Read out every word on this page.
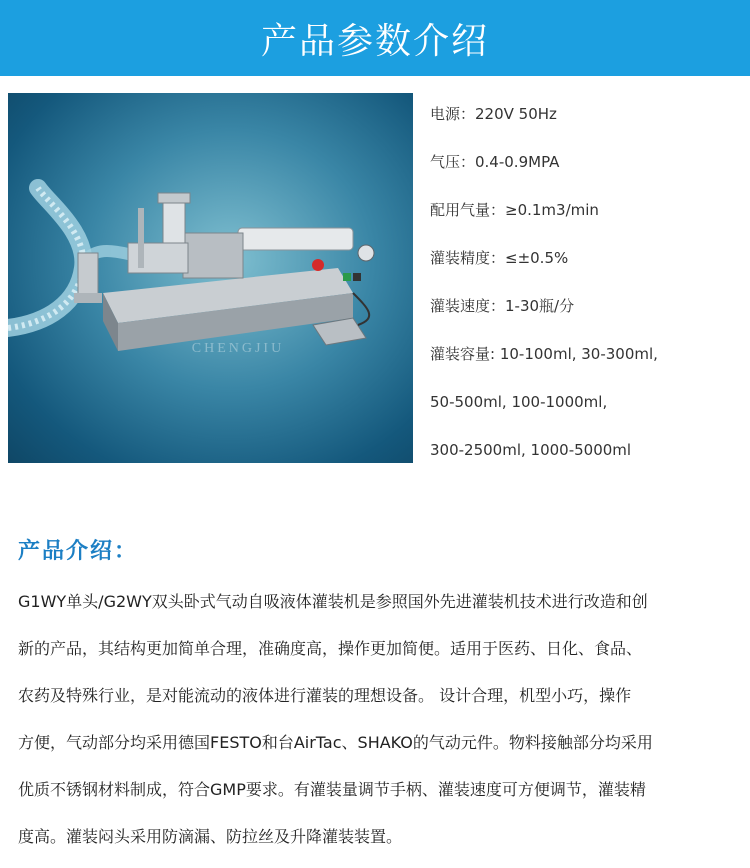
产品参数介绍
CHENGJIU
电源：220V 50Hz
气压：0.4-0.9MPA
配用气量：≥0.1m3/min
灌装精度：≤±0.5%
灌装速度：1-30瓶/分
灌装容量: 10-100ml, 30-300ml,
50-500ml, 100-1000ml,
300-2500ml, 1000-5000ml
产品介绍：
G1WY单头/G2WY双头卧式气动自吸液体灌装机是参照国外先进灌装机技术进行改造和创
新的产品，其结构更加简单合理，准确度高，操作更加简便。适用于医药、日化、食品、
农药及特殊行业，是对能流动的液体进行灌装的理想设备。 设计合理，机型小巧，操作
方便，气动部分均采用德国FESTO和台AirTac、SHAKO的气动元件。物料接触部分均采用
优质不锈钢材料制成，符合GMP要求。有灌装量调节手柄、灌装速度可方便调节，灌装精
度高。灌装闷头采用防滴漏、防拉丝及升降灌装装置。
